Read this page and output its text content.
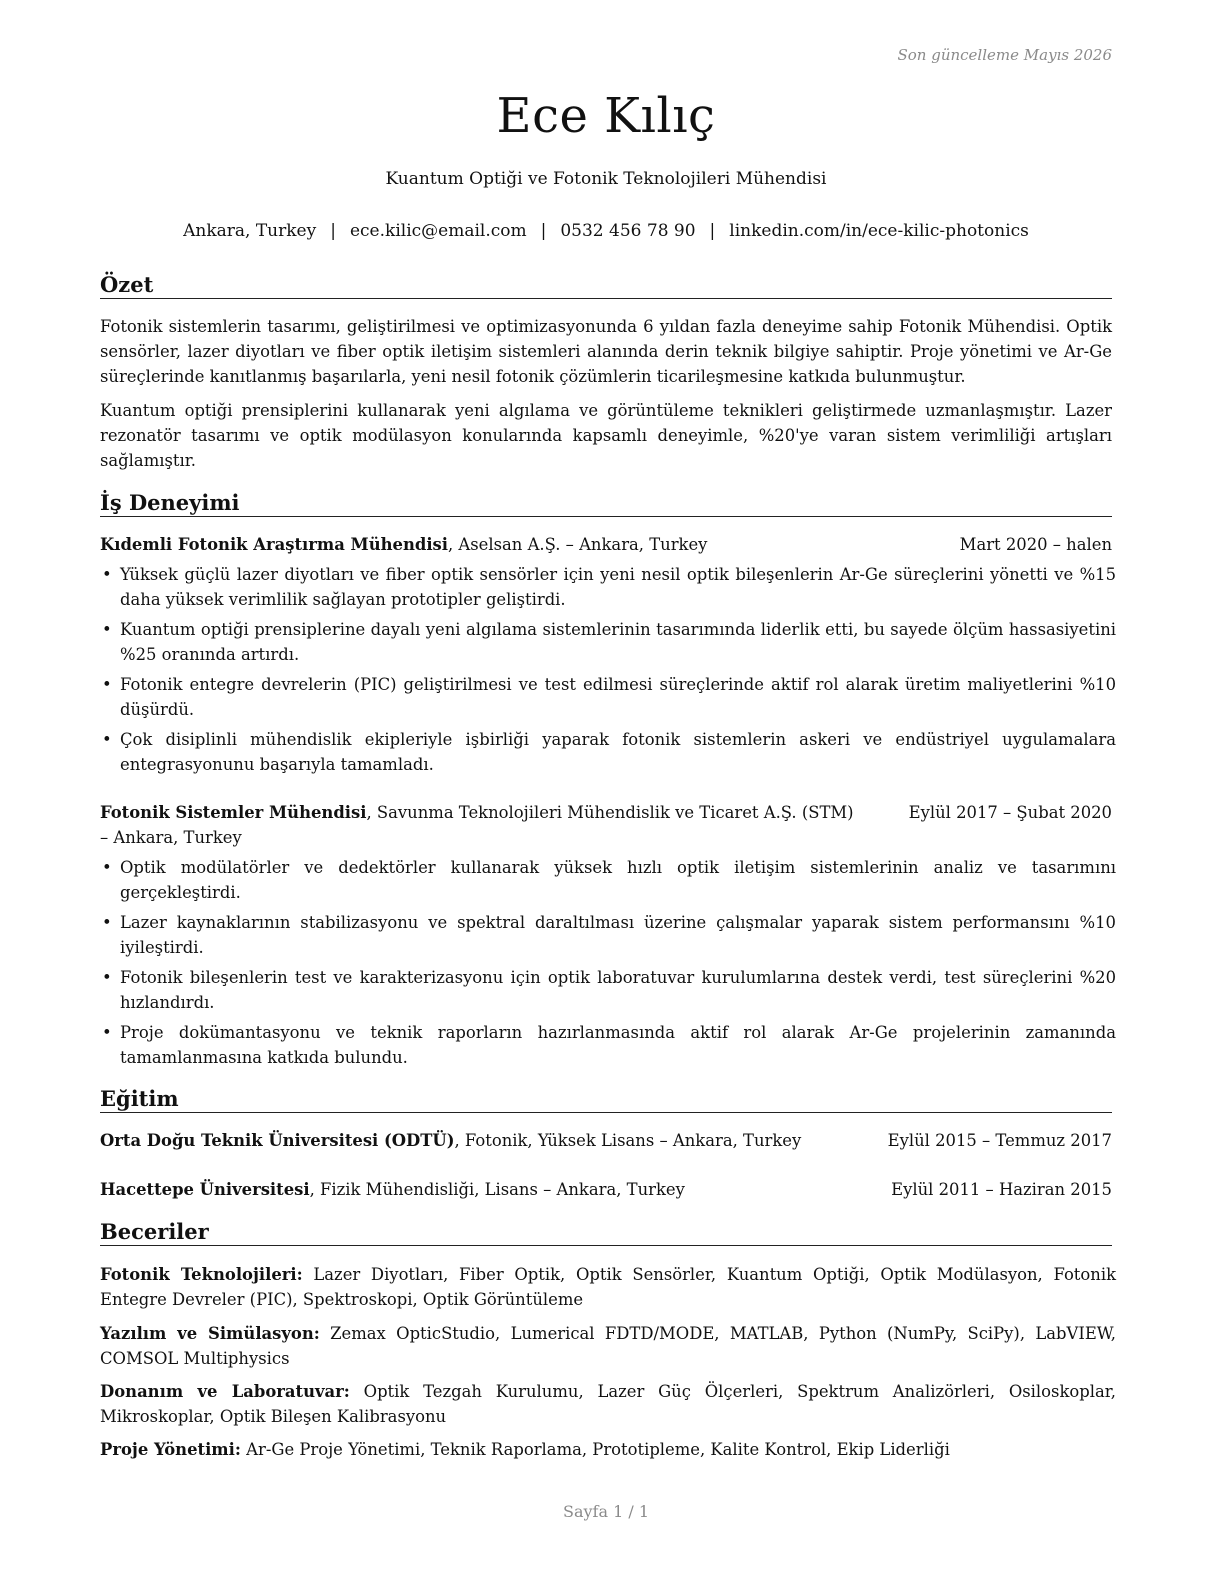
Son güncelleme Mayıs 2026
Ece Kılıç
Kuantum Optiği ve Fotonik Teknolojileri Mühendisi
Ankara, Turkey | ece.kilic@email.com | 0532 456 78 90 | linkedin.com/in/ece-kilic-photonics
Özet

Fotonik sistemlerin tasarımı, geliştirilmesi ve optimizasyonunda 6 yıldan fazla deneyime sahip Fotonik Mühendisi. Optik sensörler, lazer diyotları ve fiber optik iletişim sistemleri alanında derin teknik bilgiye sahiptir. Proje yönetimi ve Ar-Ge süreçlerinde kanıtlanmış başarılarla, yeni nesil fotonik çözümlerin ticarileşmesine katkıda bulunmuştur.

Kuantum optiği prensiplerini kullanarak yeni algılama ve görüntüleme teknikleri geliştirmede uzmanlaşmıştır. Lazer rezonatör tasarımı ve optik modülasyon konularında kapsamlı deneyimle, %20'ye varan sistem verimliliği artışları sağlamıştır.

İş Deneyimi
Kıdemli Fotonik Araştırma Mühendisi, Aselsan A.Ş. – Ankara, Turkey	Mart 2020 – halen
• Yüksek güçlü lazer diyotları ve fiber optik sensörler için yeni nesil optik bileşenlerin Ar-Ge süreçlerini yönetti ve %15 daha yüksek verimlilik sağlayan prototipler geliştirdi.
• Kuantum optiği prensiplerine dayalı yeni algılama sistemlerinin tasarımında liderlik etti, bu sayede ölçüm hassasiyetini %25 oranında artırdı.
• Fotonik entegre devrelerin (PIC) geliştirilmesi ve test edilmesi süreçlerinde aktif rol alarak üretim maliyetlerini %10 düşürdü.
• Çok disiplinli mühendislik ekipleriyle işbirliği yaparak fotonik sistemlerin askeri ve endüstriyel uygulamalara entegrasyonunu başarıyla tamamladı.
Fotonik Sistemler Mühendisi, Savunma Teknolojileri Mühendislik ve Ticaret A.Ş. (STM)	Eylül 2017 – Şubat 2020
– Ankara, Turkey
• Optik modülatörler ve dedektörler kullanarak yüksek hızlı optik iletişim sistemlerinin analiz ve tasarımını gerçekleştirdi.
• Lazer kaynaklarının stabilizasyonu ve spektral daraltılması üzerine çalışmalar yaparak sistem performansını %10 iyileştirdi.
• Fotonik bileşenlerin test ve karakterizasyonu için optik laboratuvar kurulumlarına destek verdi, test süreçlerini %20 hızlandırdı.
• Proje dokümantasyonu ve teknik raporların hazırlanmasında aktif rol alarak Ar-Ge projelerinin zamanında tamamlanmasına katkıda bulundu.
Eğitim
Orta Doğu Teknik Üniversitesi (ODTÜ), Fotonik, Yüksek Lisans – Ankara, Turkey	Eylül 2015 – Temmuz 2017
Hacettepe Üniversitesi, Fizik Mühendisliği, Lisans – Ankara, Turkey	Eylül 2011 – Haziran 2015
Beceriler
Fotonik Teknolojileri: Lazer Diyotları, Fiber Optik, Optik Sensörler, Kuantum Optiği, Optik Modülasyon, Fotonik Entegre Devreler (PIC), Spektroskopi, Optik Görüntüleme
Yazılım ve Simülasyon: Zemax OpticStudio, Lumerical FDTD/MODE, MATLAB, Python (NumPy, SciPy), LabVIEW, COMSOL Multiphysics
Donanım ve Laboratuvar: Optik Tezgah Kurulumu, Lazer Güç Ölçerleri, Spektrum Analizörleri, Osiloskoplar, Mikroskoplar, Optik Bileşen Kalibrasyonu
Proje Yönetimi: Ar-Ge Proje Yönetimi, Teknik Raporlama, Prototipleme, Kalite Kontrol, Ekip Liderliği
Sayfa 1 / 1
